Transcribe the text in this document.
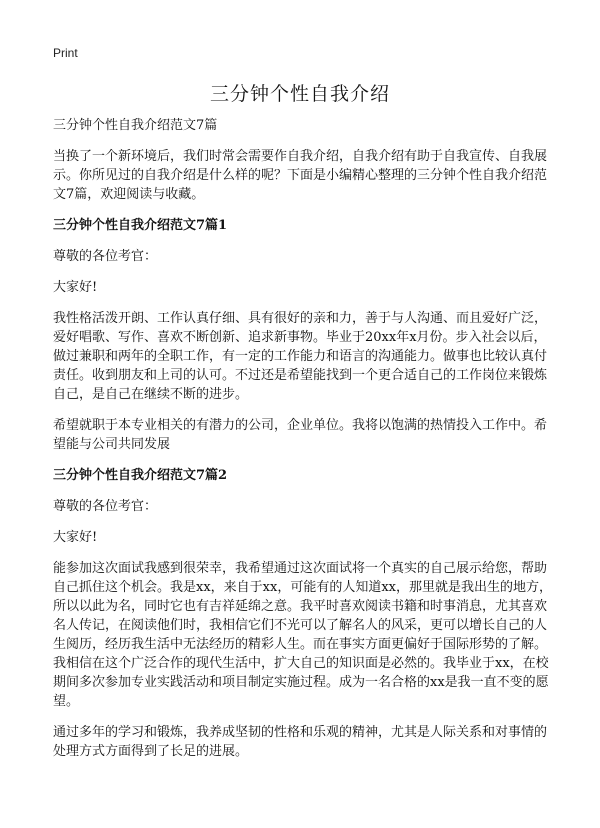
Print
三分钟个性自我介绍

三分钟个性自我介绍范文7篇

当换了一个新环境后，我们时常会需要作自我介绍，自我介绍有助于自我宣传、自我展示。你所见过的自我介绍是什么样的呢？下面是小编精心整理的三分钟个性自我介绍范文7篇，欢迎阅读与收藏。

三分钟个性自我介绍范文7篇1

尊敬的各位考官：

大家好!

我性格活泼开朗、工作认真仔细、具有很好的亲和力，善于与人沟通、而且爱好广泛，爱好唱歌、写作、喜欢不断创新、追求新事物。毕业于20xx年x月份。步入社会以后，做过兼职和两年的全职工作，有一定的工作能力和语言的沟通能力。做事也比较认真付责任。收到朋友和上司的认可。不过还是希望能找到一个更合适自己的工作岗位来锻炼自己，是自己在继续不断的进步。

希望就职于本专业相关的有潜力的公司，企业单位。我将以饱满的热情投入工作中。希望能与公司共同发展

三分钟个性自我介绍范文7篇2

尊敬的各位考官：

大家好!

能参加这次面试我感到很荣幸，我希望通过这次面试将一个真实的自己展示给您，帮助自己抓住这个机会。我是xx，来自于xx，可能有的人知道xx，那里就是我出生的地方，所以以此为名，同时它也有吉祥延绵之意。我平时喜欢阅读书籍和时事消息，尤其喜欢名人传记，在阅读他们时，我相信它们不光可以了解名人的风采，更可以增长自己的人生阅历，经历我生活中无法经历的精彩人生。而在事实方面更偏好于国际形势的了解。我相信在这个广泛合作的现代生活中，扩大自己的知识面是必然的。我毕业于xx，在校期间多次参加专业实践活动和项目制定实施过程。成为一名合格的xx是我一直不变的愿望。

通过多年的学习和锻炼，我养成坚韧的性格和乐观的精神，尤其是人际关系和对事情的处理方式方面得到了长足的进展。
